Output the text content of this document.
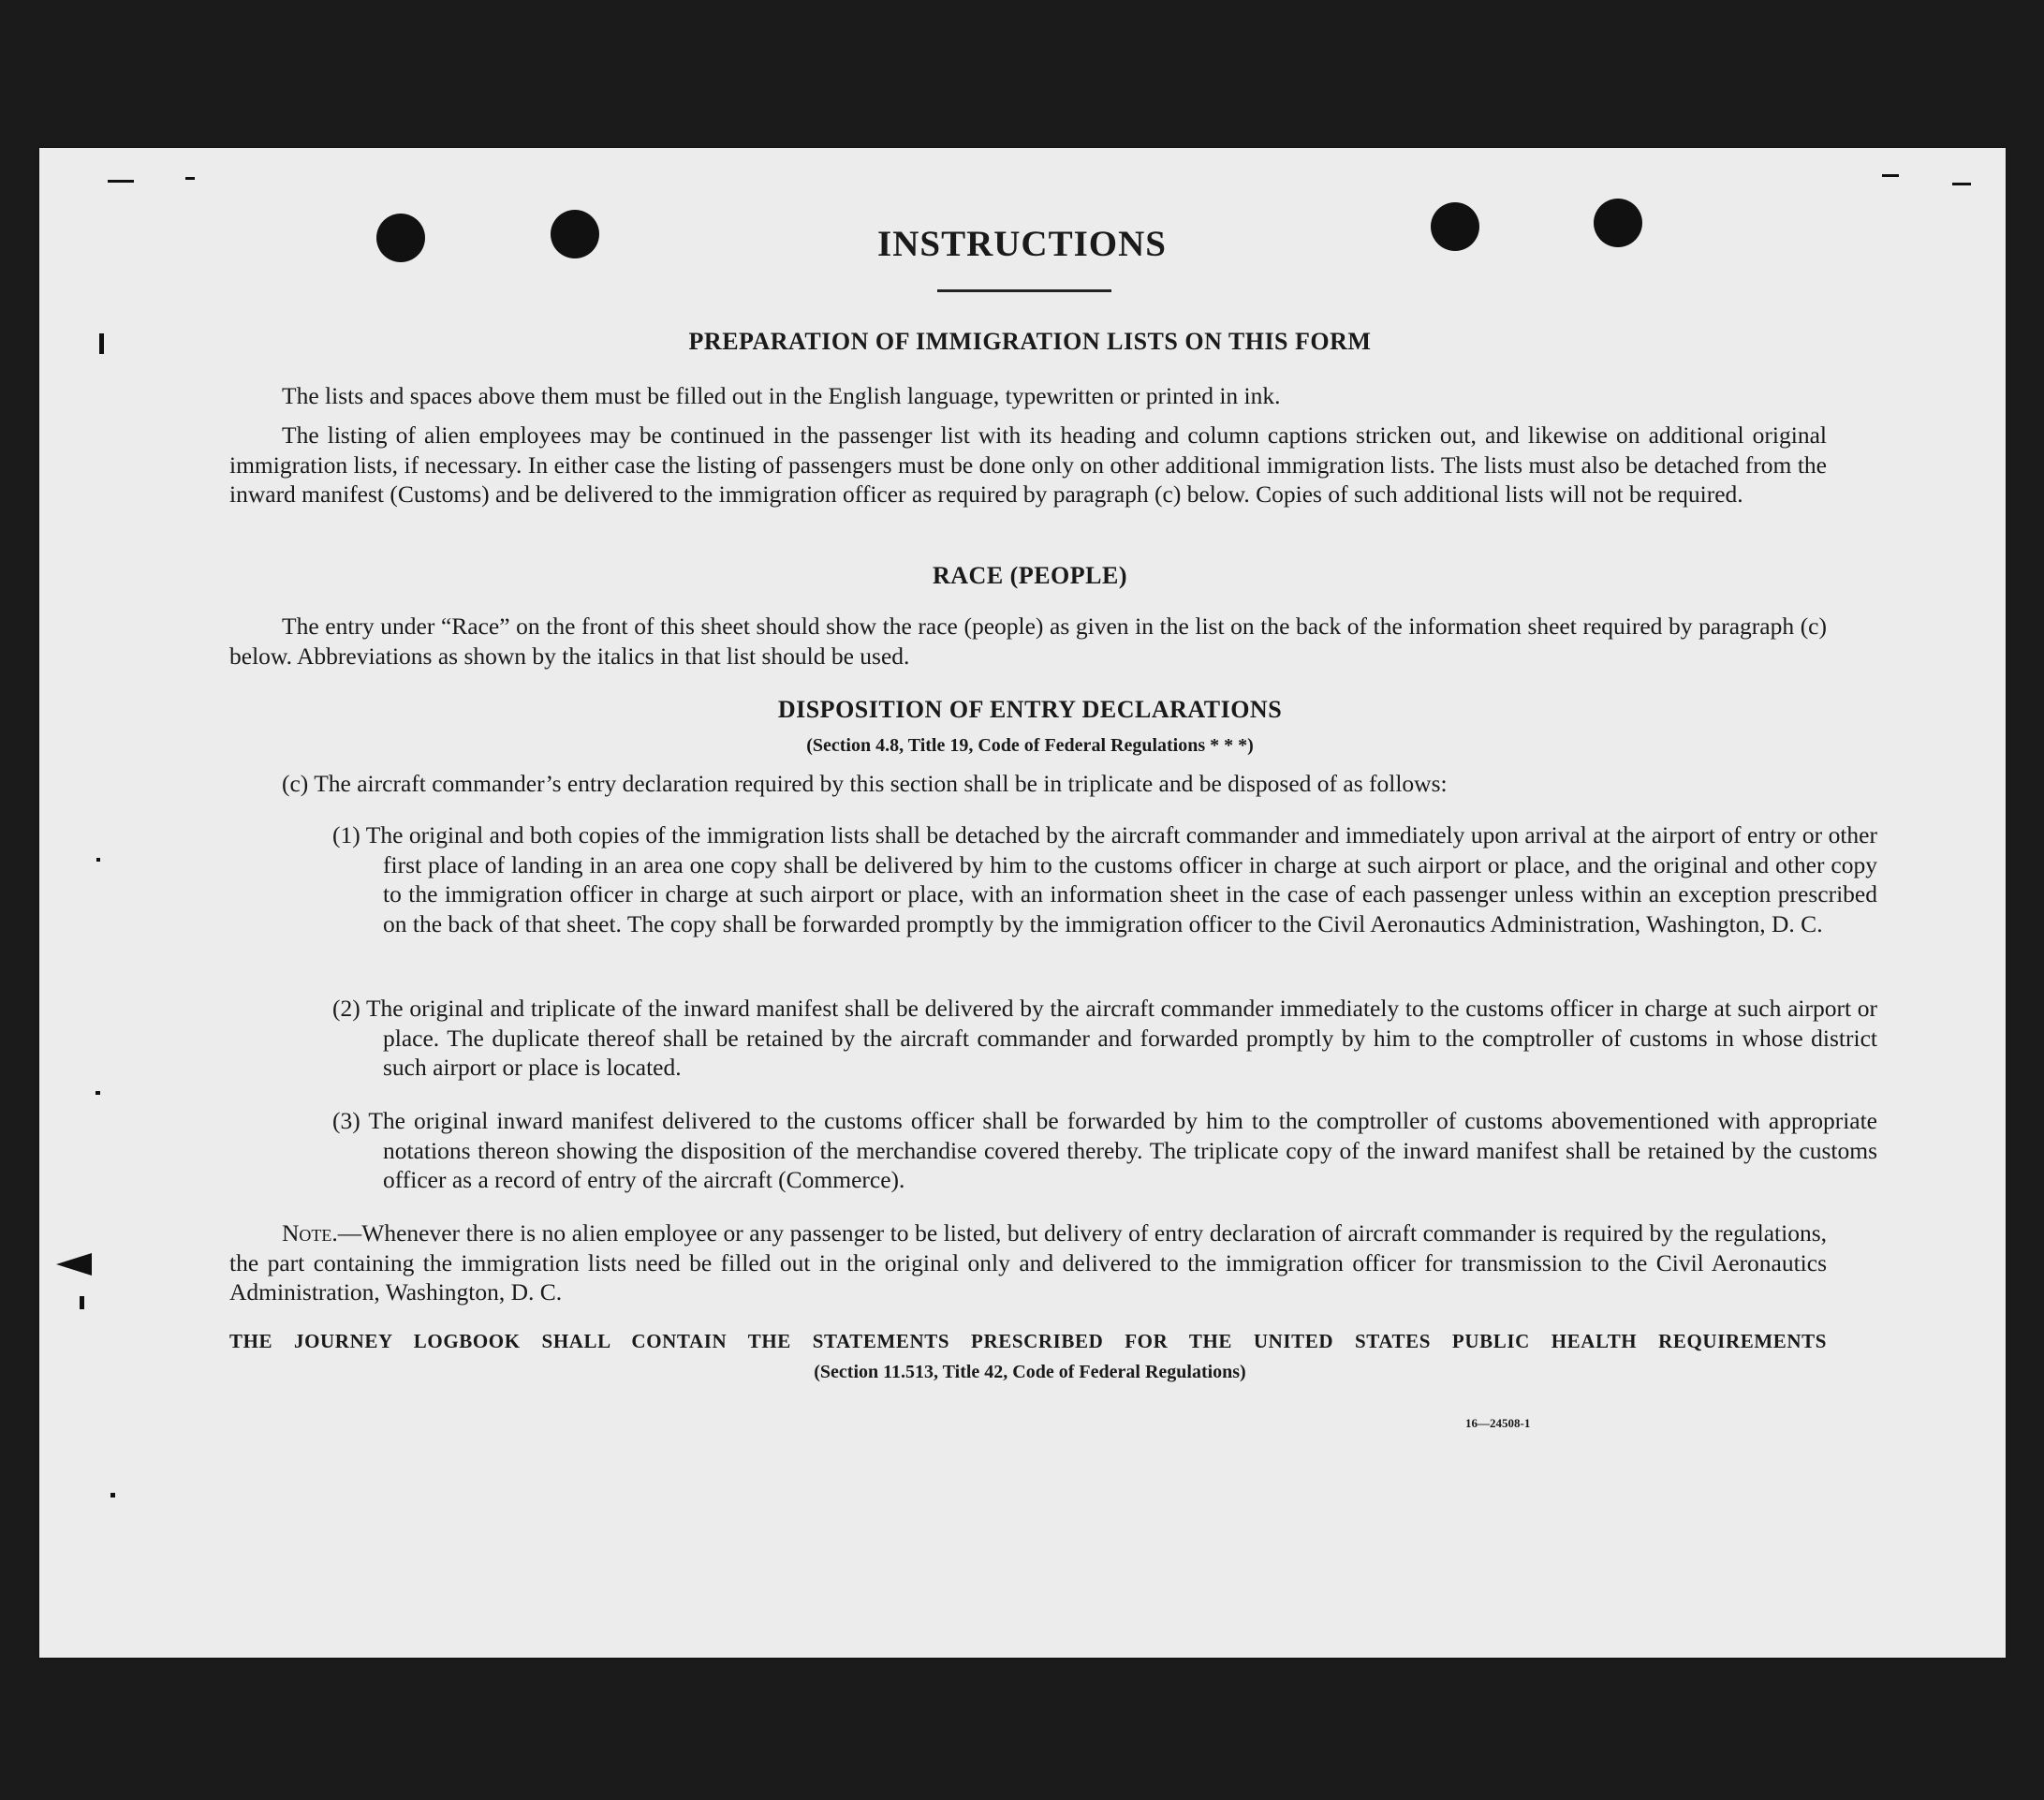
INSTRUCTIONS
PREPARATION OF IMMIGRATION LISTS ON THIS FORM
The lists and spaces above them must be filled out in the English language, typewritten or printed in ink.
The listing of alien employees may be continued in the passenger list with its heading and column captions stricken out, and likewise on additional original immigration lists, if necessary. In either case the listing of passengers must be done only on other additional immigration lists. The lists must also be detached from the inward manifest (Customs) and be delivered to the immigration officer as required by paragraph (c) below. Copies of such additional lists will not be required.
RACE (PEOPLE)
The entry under “Race” on the front of this sheet should show the race (people) as given in the list on the back of the information sheet required by paragraph (c) below. Abbreviations as shown by the italics in that list should be used.
DISPOSITION OF ENTRY DECLARATIONS
(Section 4.8, Title 19, Code of Federal Regulations * * *)
(c) The aircraft commander’s entry declaration required by this section shall be in triplicate and be disposed of as follows:
(1) The original and both copies of the immigration lists shall be detached by the aircraft commander and immediately upon arrival at the airport of entry or other first place of landing in an area one copy shall be delivered by him to the customs officer in charge at such airport or place, and the original and other copy to the immigration officer in charge at such airport or place, with an information sheet in the case of each passenger unless within an exception prescribed on the back of that sheet. The copy shall be forwarded promptly by the immigration officer to the Civil Aeronautics Administration, Washington, D. C.
(2) The original and triplicate of the inward manifest shall be delivered by the aircraft commander immediately to the customs officer in charge at such airport or place. The duplicate thereof shall be retained by the aircraft commander and forwarded promptly by him to the comptroller of customs in whose district such airport or place is located.
(3) The original inward manifest delivered to the customs officer shall be forwarded by him to the comptroller of customs abovementioned with appropriate notations thereon showing the disposition of the merchandise covered thereby. The triplicate copy of the inward manifest shall be retained by the customs officer as a record of entry of the aircraft (Commerce).
Note.—Whenever there is no alien employee or any passenger to be listed, but delivery of entry declaration of aircraft commander is required by the regulations, the part containing the immigration lists need be filled out in the original only and delivered to the immigration officer for transmission to the Civil Aeronautics Administration, Washington, D. C.
THE JOURNEY LOGBOOK SHALL CONTAIN THE STATEMENTS PRESCRIBED FOR THE UNITED STATES PUBLIC HEALTH REQUIREMENTS
(Section 11.513, Title 42, Code of Federal Regulations)
16—24508-1
